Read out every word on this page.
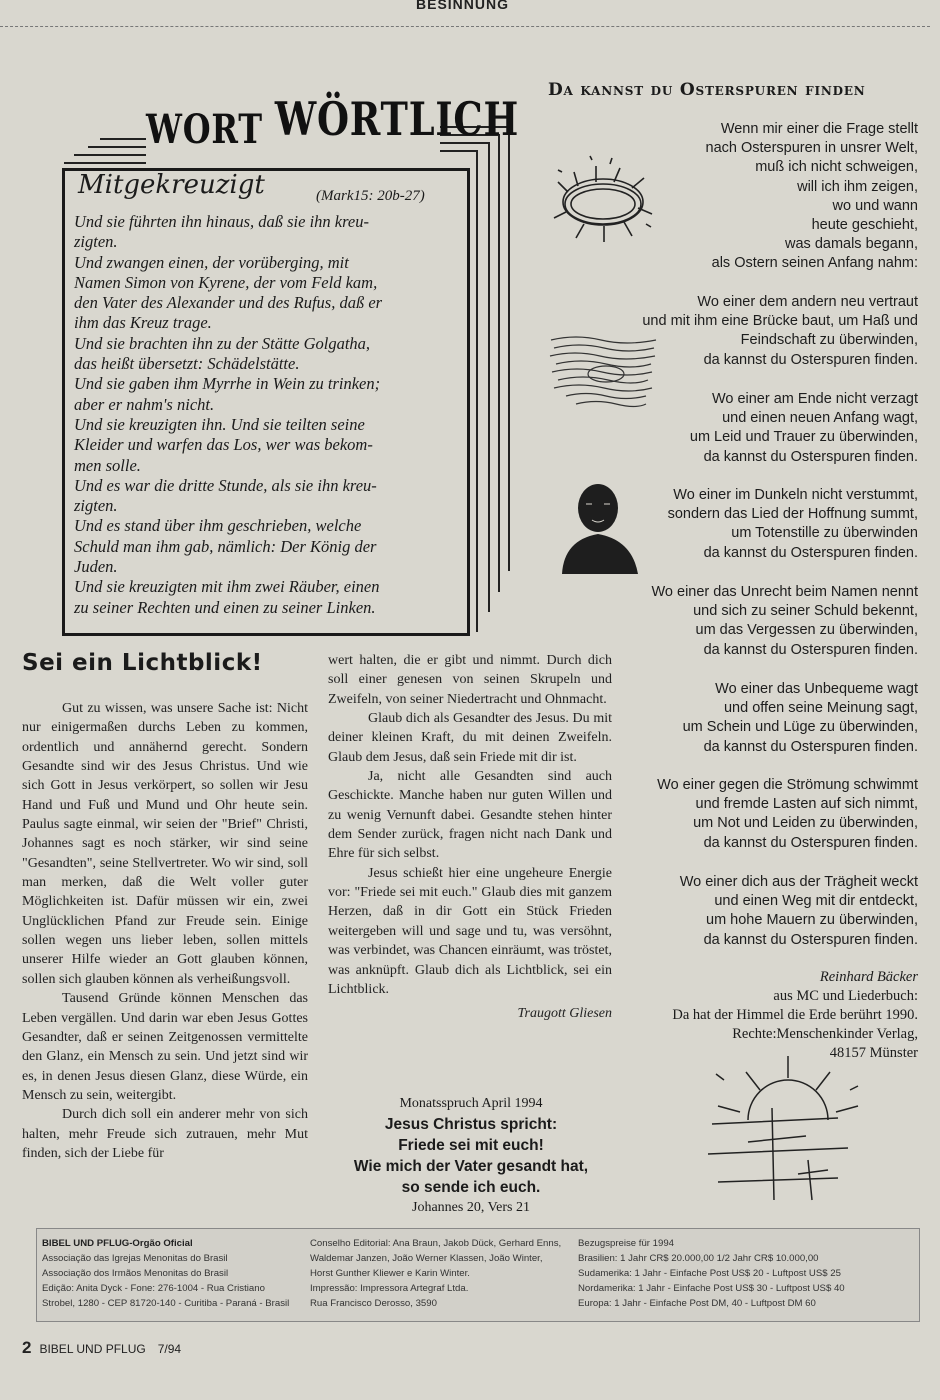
BESINNUNG
WORT WÖRTLICH
Mitgekreuzigt	(Mark15: 20b-27)

Und sie führten ihn hinaus, daß sie ihn kreu-

zigten.

Und zwangen einen, der vorüberging, mit

Namen Simon von Kyrene, der vom Feld kam,

den Vater des Alexander und des Rufus, daß er

ihm das Kreuz trage.

Und sie brachten ihn zu der Stätte Golgatha,

das heißt übersetzt: Schädelstätte.

Und sie gaben ihm Myrrhe in Wein zu trinken;

aber er nahm's nicht.

Und sie kreuzigten ihn. Und sie teilten seine

Kleider und warfen das Los, wer was bekom-

men solle.

Und es war die dritte Stunde, als sie ihn kreu-

zigten.

Und es stand über ihm geschrieben, welche

Schuld man ihm gab, nämlich: Der König der

Juden.

Und sie kreuzigten mit ihm zwei Räuber, einen

zu seiner Rechten und einen zu seiner Linken.

Sei ein Lichtblick!

Gut zu wissen, was unsere Sache ist: Nicht nur einigermaßen durchs Leben zu kommen, ordentlich und annähernd gerecht. Sondern Gesandte sind wir des Jesus Christus. Und wie sich Gott in Jesus verkörpert, so sollen wir Jesu Hand und Fuß und Mund und Ohr heute sein. Paulus sagte einmal, wir seien der "Brief" Christi, Johannes sagt es noch stärker, wir sind seine "Gesandten", seine Stellvertreter. Wo wir sind, soll man merken, daß die Welt voller guter Möglichkeiten ist. Dafür müssen wir ein, zwei Unglücklichen Pfand zur Freude sein. Einige sollen wegen uns lieber leben, sollen mittels unserer Hilfe wieder an Gott glauben können, sollen sich glauben können als verheißungsvoll.

Tausend Gründe können Menschen das Leben vergällen. Und darin war eben Jesus Gottes Gesandter, daß er seinen Zeitgenossen vermittelte den Glanz, ein Mensch zu sein. Und jetzt sind wir es, in denen Jesus diesen Glanz, diese Würde, ein Mensch zu sein, weitergibt.

Durch dich soll ein anderer mehr von sich halten, mehr Freude sich zutrauen, mehr Mut finden, sich der Liebe für

wert halten, die er gibt und nimmt. Durch dich soll einer genesen von seinen Skrupeln und Zweifeln, von seiner Niedertracht und Ohnmacht.

Glaub dich als Gesandter des Jesus. Du mit deiner kleinen Kraft, du mit deinen Zweifeln. Glaub dem Jesus, daß sein Friede mit dir ist.

Ja, nicht alle Gesandten sind auch Geschickte. Manche haben nur guten Willen und zu wenig Vernunft dabei. Gesandte stehen hinter dem Sender zurück, fragen nicht nach Dank und Ehre für sich selbst.

Jesus schießt hier eine ungeheure Energie vor: "Friede sei mit euch." Glaub dies mit ganzem Herzen, daß in dir Gott ein Stück Frieden weitergeben will und sage und tu, was versöhnt, was verbindet, was Chancen einräumt, was tröstet, was anknüpft. Glaub dich als Lichtblick, sei ein Lichtblick.

Traugott Gliesen
Monatsspruch April 1994
Jesus Christus spricht:
Friede sei mit euch!
Wie mich der Vater gesandt hat,
so sende ich euch.
Johannes 20, Vers 21
Da kannst du Osterspuren finden
Wenn mir einer die Frage stellt
nach Osterspuren in unsrer Welt,
muß ich nicht schweigen,
will ich ihm zeigen,
wo und wann
heute geschieht,
was damals begann,
als Ostern seinen Anfang nahm:
Wo einer dem andern neu vertraut
und mit ihm eine Brücke baut, um Haß und
Feindschaft zu überwinden,
da kannst du Osterspuren finden.
Wo einer am Ende nicht verzagt
und einen neuen Anfang wagt,
um Leid und Trauer zu überwinden,
da kannst du Osterspuren finden.
Wo einer im Dunkeln nicht verstummt,
sondern das Lied der Hoffnung summt,
um Totenstille zu überwinden
da kannst du Osterspuren finden.
Wo einer das Unrecht beim Namen nennt
und sich zu seiner Schuld bekennt,
um das Vergessen zu überwinden,
da kannst du Osterspuren finden.
Wo einer das Unbequeme wagt
und offen seine Meinung sagt,
um Schein und Lüge zu überwinden,
da kannst du Osterspuren finden.
Wo einer gegen die Strömung schwimmt
und fremde Lasten auf sich nimmt,
um Not und Leiden zu überwinden,
da kannst du Osterspuren finden.
Wo einer dich aus der Trägheit weckt
und einen Weg mit dir entdeckt,
um hohe Mauern zu überwinden,
da kannst du Osterspuren finden.
Reinhard Bäcker
aus MC und Liederbuch:
Da hat der Himmel die Erde berührt 1990.
Rechte:Menschenkinder Verlag,
48157 Münster
BIBEL UND PFLUG-Orgão Oficial
Associação das Igrejas Menonitas do Brasil
Associação dos Irmãos Menonitas do Brasil
Edição: Anita Dyck - Fone: 276-1004 - Rua Cristiano
Strobel, 1280 - CEP 81720-140 - Curitiba - Paraná - Brasil
Conselho Editorial: Ana Braun, Jakob Dück, Gerhard Enns,
Waldemar Janzen, João Werner Klassen, João Winter,
Horst Gunther Kliewer e Karin Winter.
Impressão: Impressora Artegraf Ltda.
Rua Francisco Derosso, 3590
Bezugspreise für 1994
Brasilien: 1 Jahr CR$ 20.000,00 1/2 Jahr CR$ 10.000,00
Sudamerika: 1 Jahr - Einfache Post US$ 20 - Luftpost US$ 25
Nordamerika: 1 Jahr - Einfache Post US$ 30 - Luftpost US$ 40
Europa: 1 Jahr - Einfache Post DM, 40 - Luftpost DM 60
2 BIBEL UND PFLUG 7/94
